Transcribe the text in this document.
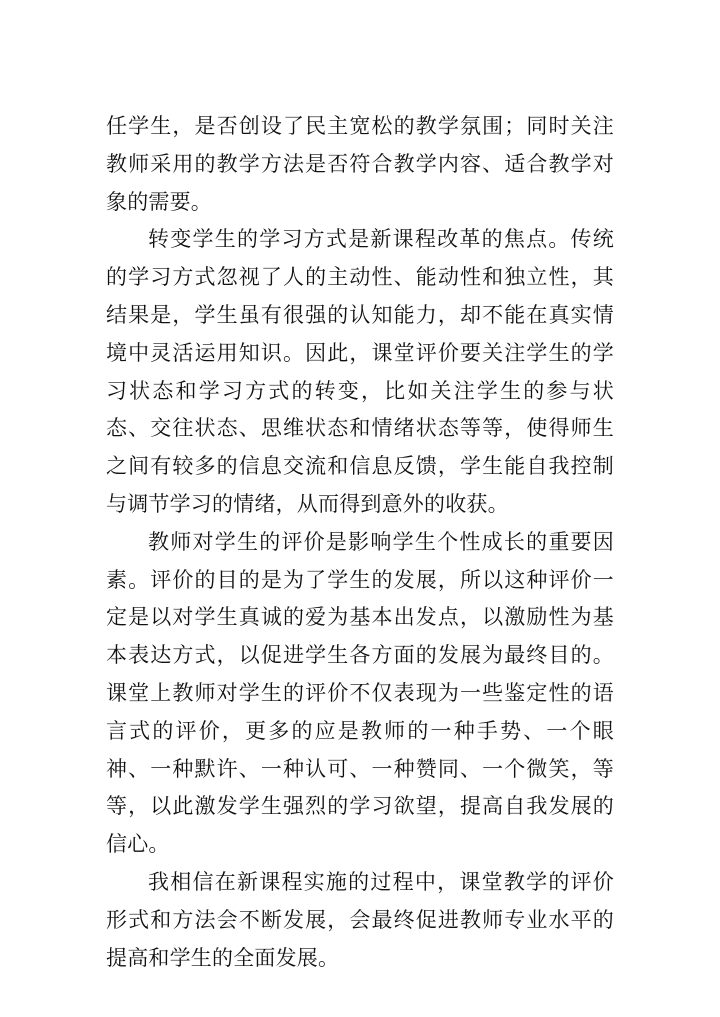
任学生，是否创设了民主宽松的教学氛围；同时关注教师采用的教学方法是否符合教学内容、适合教学对象的需要。

转变学生的学习方式是新课程改革的焦点。传统的学习方式忽视了人的主动性、能动性和独立性，其结果是，学生虽有很强的认知能力，却不能在真实情境中灵活运用知识。因此，课堂评价要关注学生的学习状态和学习方式的转变，比如关注学生的参与状态、交往状态、思维状态和情绪状态等等，使得师生之间有较多的信息交流和信息反馈，学生能自我控制与调节学习的情绪，从而得到意外的收获。

教师对学生的评价是影响学生个性成长的重要因素。评价的目的是为了学生的发展，所以这种评价一定是以对学生真诚的爱为基本出发点，以激励性为基本表达方式，以促进学生各方面的发展为最终目的。课堂上教师对学生的评价不仅表现为一些鉴定性的语言式的评价，更多的应是教师的一种手势、一个眼神、一种默许、一种认可、一种赞同、一个微笑，等等，以此激发学生强烈的学习欲望，提高自我发展的信心。

我相信在新课程实施的过程中，课堂教学的评价形式和方法会不断发展，会最终促进教师专业水平的提高和学生的全面发展。
